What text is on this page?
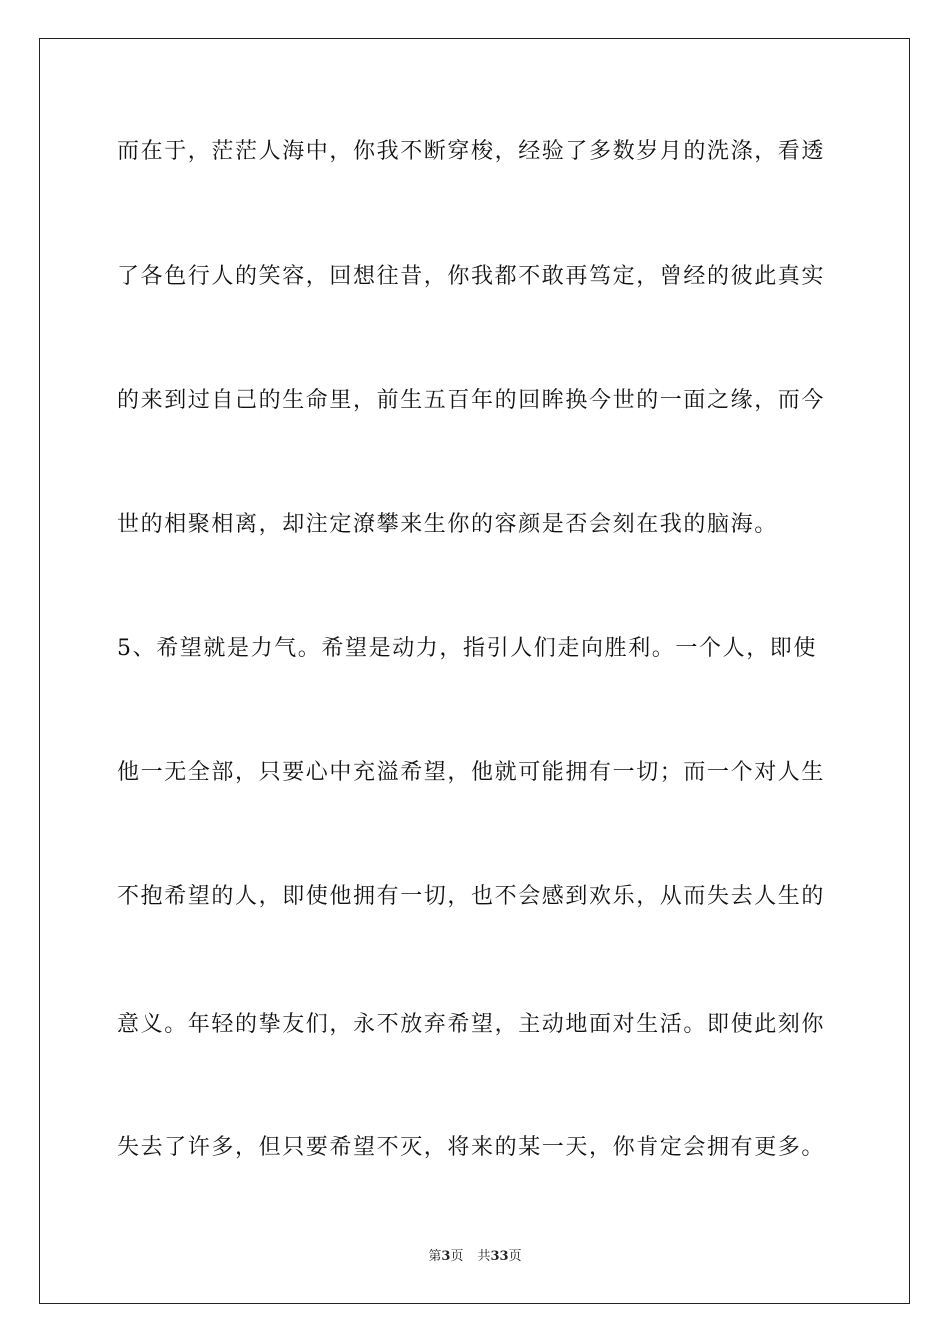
而在于，茫茫人海中，你我不断穿梭，经验了多数岁月的洗涤，看透
了各色行人的笑容，回想往昔，你我都不敢再笃定，曾经的彼此真实
的来到过自己的生命里，前生五百年的回眸换今世的一面之缘，而今
世的相聚相离，却注定潦攀来生你的容颜是否会刻在我的脑海。
5、希望就是力气。希望是动力，指引人们走向胜利。一个人，即使
他一无全部，只要心中充溢希望，他就可能拥有一切；而一个对人生
不抱希望的人，即使他拥有一切，也不会感到欢乐，从而失去人生的
意义。年轻的挚友们，永不放弃希望，主动地面对生活。即使此刻你
失去了许多，但只要希望不灭，将来的某一天，你肯定会拥有更多。
第3页 共33页
